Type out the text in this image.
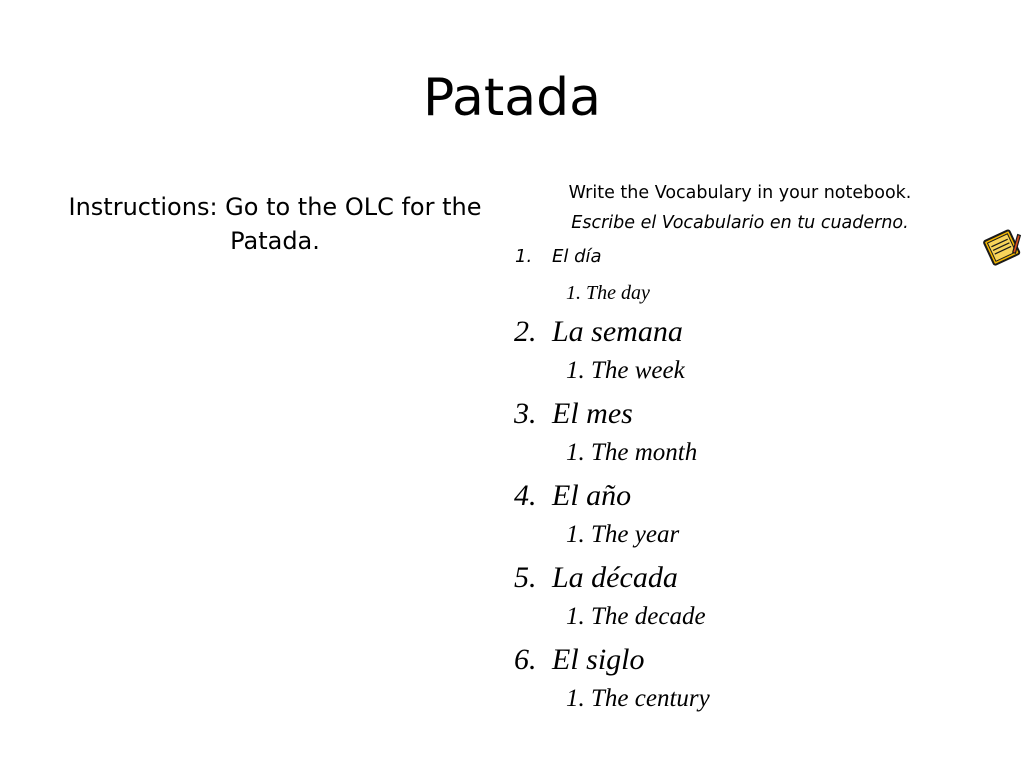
Patada
Instructions: Go to the OLC for the Patada.
Write the Vocabulary in your notebook.
Escribe el Vocabulario en tu cuaderno.
1. El día
1. The day
2. La semana
1. The week
3. El mes
1. The month
4. El año
1. The year
5. La década
1. The decade
6. El siglo
1. The century
